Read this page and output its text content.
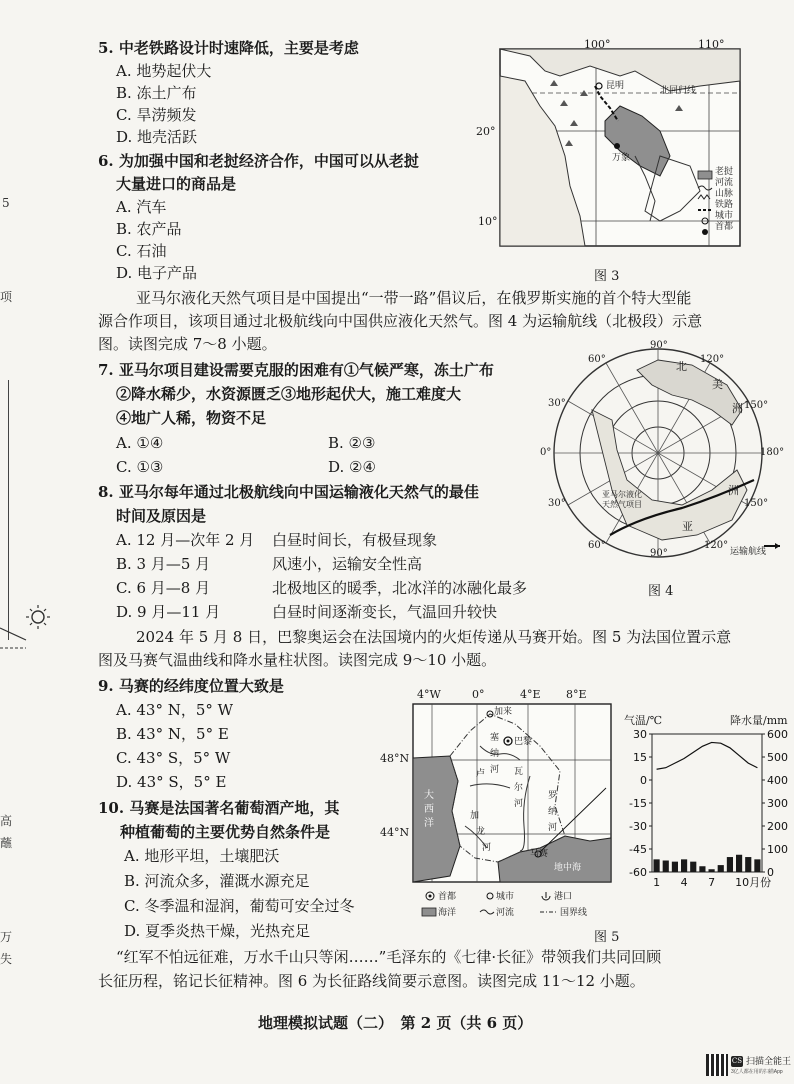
5
项
高
蘸
万
失
5. 中老铁路设计时速降低，主要是考虑
A. 地势起伏大
B. 冻土广布
C. 旱涝频发
D. 地壳活跃
6. 为加强中国和老挝经济合作，中国可以从老挝
大量进口的商品是
A. 汽车
B. 农产品
C. 石油
D. 电子产品
100°	110°
20°
10°
昆明	北回归线
万象
老挝
河流
山脉
铁路
城市
首都
图 3
亚马尔液化天然气项目是中国提出“一带一路”倡议后，在俄罗斯实施的首个特大型能
源合作项目，该项目通过北极航线向中国供应液化天然气。图 4 为运输航线（北极段）示意
图。读图完成 7～8 小题。
7. 亚马尔项目建设需要克服的困难有①气候严寒，冻土广布
②降水稀少，水资源匮乏③地形起伏大，施工难度大
④地广人稀，物资不足
A. ①④	B. ②③
C. ①③	D. ②④
8. 亚马尔每年通过北极航线向中国运输液化天然气的最佳
时间及原因是
A. 12 月—次年 2 月 白昼时间长，有极昼现象
B. 3 月—5 月	风速小，运输安全性高
C. 6 月—8 月	北极地区的暖季，北冰洋的冰融化最多
D. 9 月—11 月	白昼时间逐渐变长，气温回升较快
90°
120°
150°
180°
150°
120°
90°
60°
30°
0°
30°
60°
北
美
洲
亚
洲
亚马尔液化
天然气项目
运输航线
图 4
2024 年 5 月 8 日，巴黎奥运会在法国境内的火炬传递从马赛开始。图 5 为法国位置示意
图及马赛气温曲线和降水量柱状图。读图完成 9～10 小题。
9. 马赛的经纬度位置大致是
A. 43° N，5° W
B. 43° N，5° E
C. 43° S，5° W
D. 43° S，5° E
10. 马赛是法国著名葡萄酒产地，其
种植葡萄的主要优势自然条件是
A. 地形平坦，土壤肥沃
B. 河流众多，灌溉水源充足
C. 冬季温和湿润，葡萄可安全过冬
D. 夏季炎热干燥，光热充足
4°W	0°	4°E 8°E
48°N
44°N
加来
巴黎
塞
纳
河
卢	瓦
尔
河
罗
纳
河
加
龙
河
大
西
洋
马赛
地中海
首都
海洋
城市
河流
港口
国界线
图 5
气温/℃	降水量/mm
30
15
0
-15
-30
-45
-60
600
500
400
300
200
100
0
1 4 7 10月份
“红军不怕远征难，万水千山只等闲……”毛泽东的《七律·长征》带领我们共同回顾
长征历程，铭记长征精神。图 6 为长征路线简要示意图。读图完成 11～12 小题。
地理模拟试题（二）　第 2 页（共 6 页）
CS 扫描全能王
3亿人都在用的扫描App
